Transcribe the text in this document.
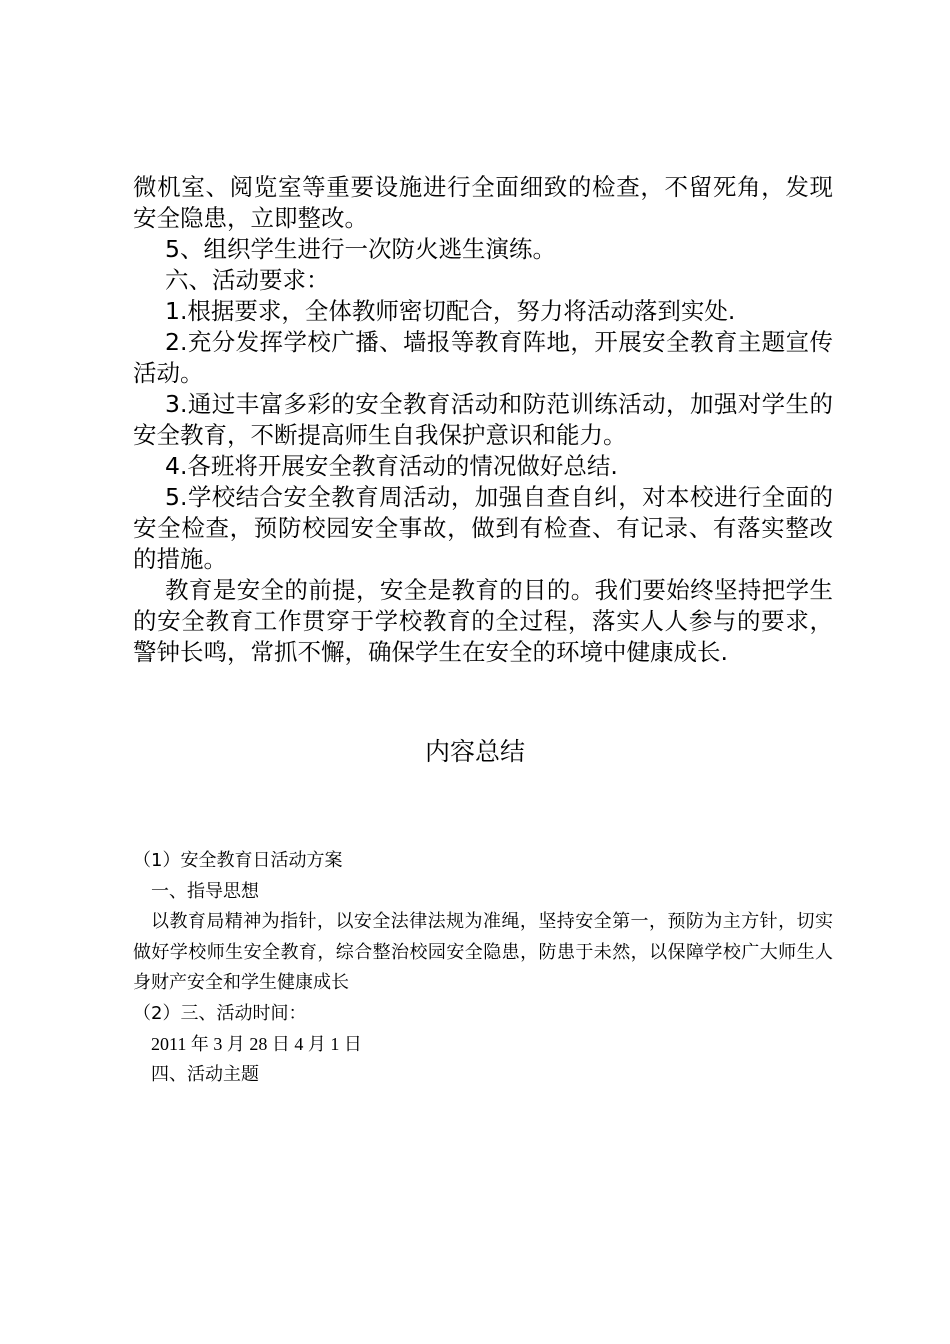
微机室、阅览室等重要设施进行全面细致的检查，不留死角，发现安全隐患，立即整改。

5、组织学生进行一次防火逃生演练。

六、活动要求：

1.根据要求，全体教师密切配合，努力将活动落到实处.

2.充分发挥学校广播、墙报等教育阵地，开展安全教育主题宣传活动。

3.通过丰富多彩的安全教育活动和防范训练活动，加强对学生的安全教育，不断提高师生自我保护意识和能力。

4.各班将开展安全教育活动的情况做好总结.

5.学校结合安全教育周活动，加强自查自纠，对本校进行全面的安全检查，预防校园安全事故，做到有检查、有记录、有落实整改的措施。

教育是安全的前提，安全是教育的目的。我们要始终坚持把学生的安全教育工作贯穿于学校教育的全过程，落实人人参与的要求，警钟长鸣，常抓不懈，确保学生在安全的环境中健康成长.

内容总结

（1）安全教育日活动方案

一、指导思想

以教育局精神为指针，以安全法律法规为准绳，坚持安全第一，预防为主方针，切实做好学校师生安全教育，综合整治校园安全隐患，防患于未然，以保障学校广大师生人身财产安全和学生健康成长

（2）三、活动时间：

2011 年 3 月 28 日 4 月 1 日

四、活动主题
